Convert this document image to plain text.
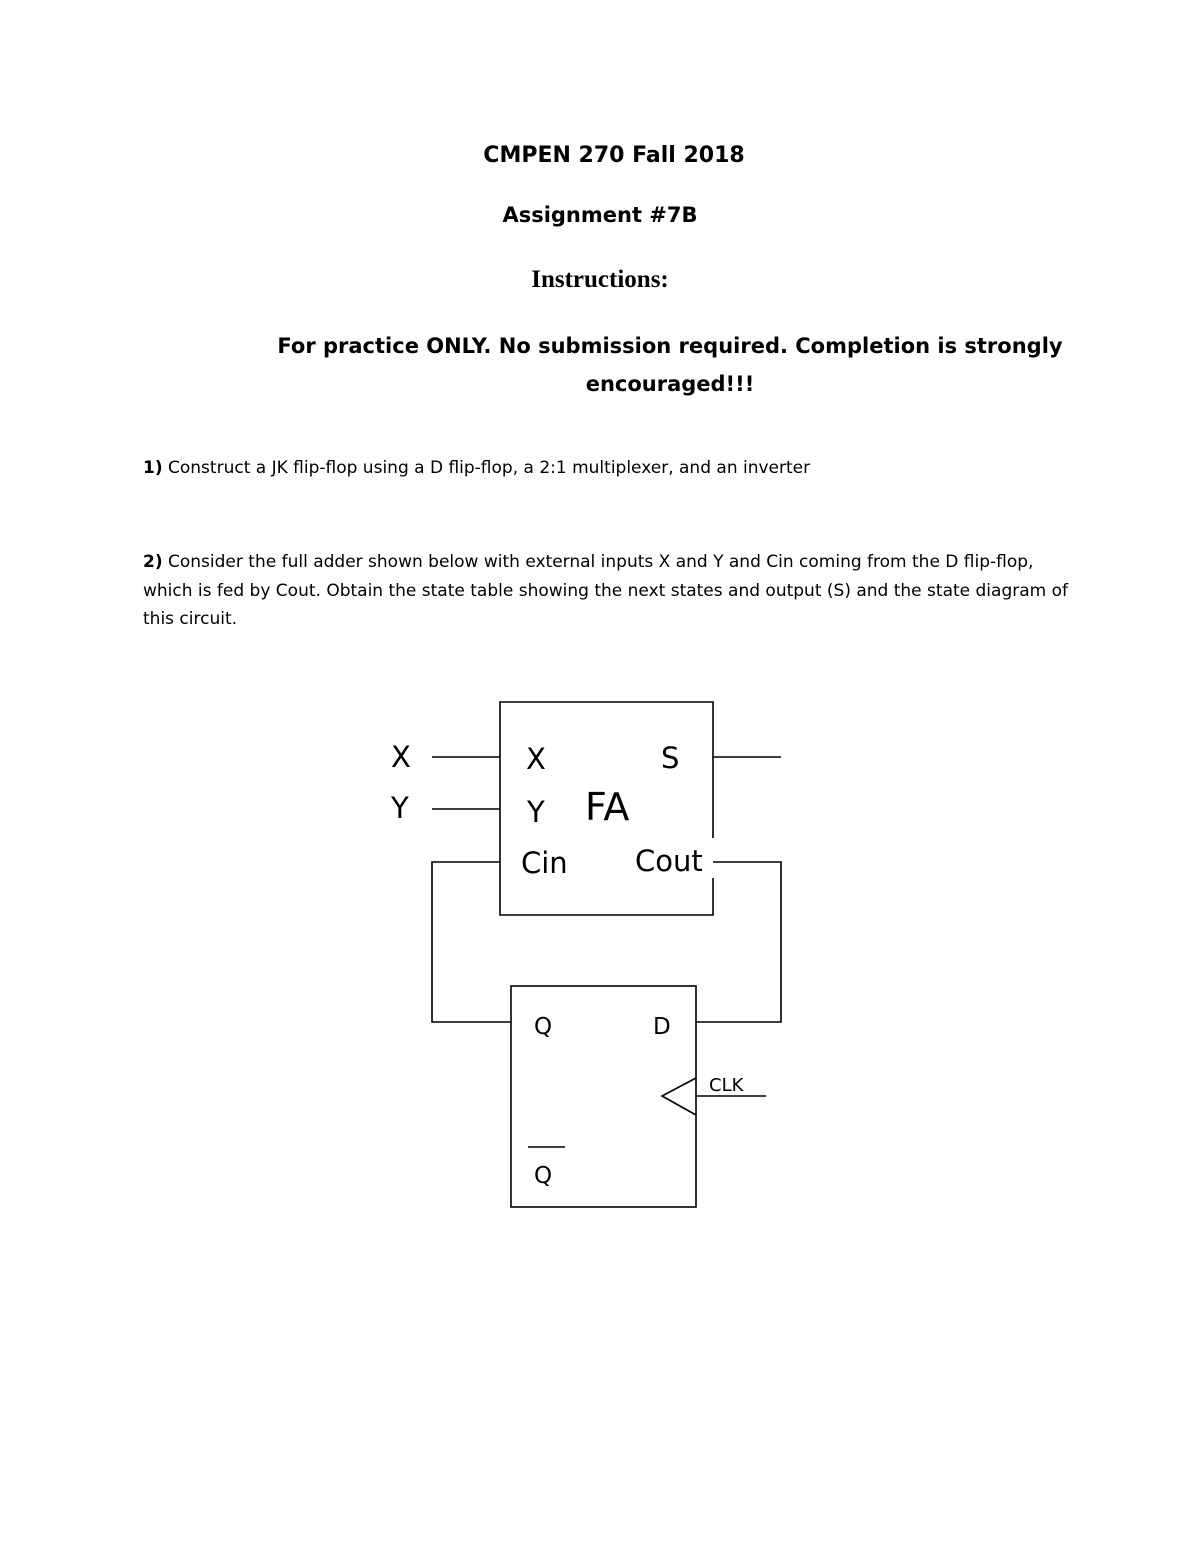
CMPEN 270 Fall 2018
Assignment #7B
Instructions:
For practice ONLY. No submission required. Completion is strongly encouraged!!!
1) Construct a JK flip-flop using a D flip-flop, a 2:1 multiplexer, and an inverter
2) Consider the full adder shown below with external inputs X and Y and Cin coming from the D flip-flop, which is fed by Cout. Obtain the state table showing the next states and output (S) and the state diagram of this circuit.
X
Y
X
Y FA
Cin
S
Cout
Q	D
Q
CLK
